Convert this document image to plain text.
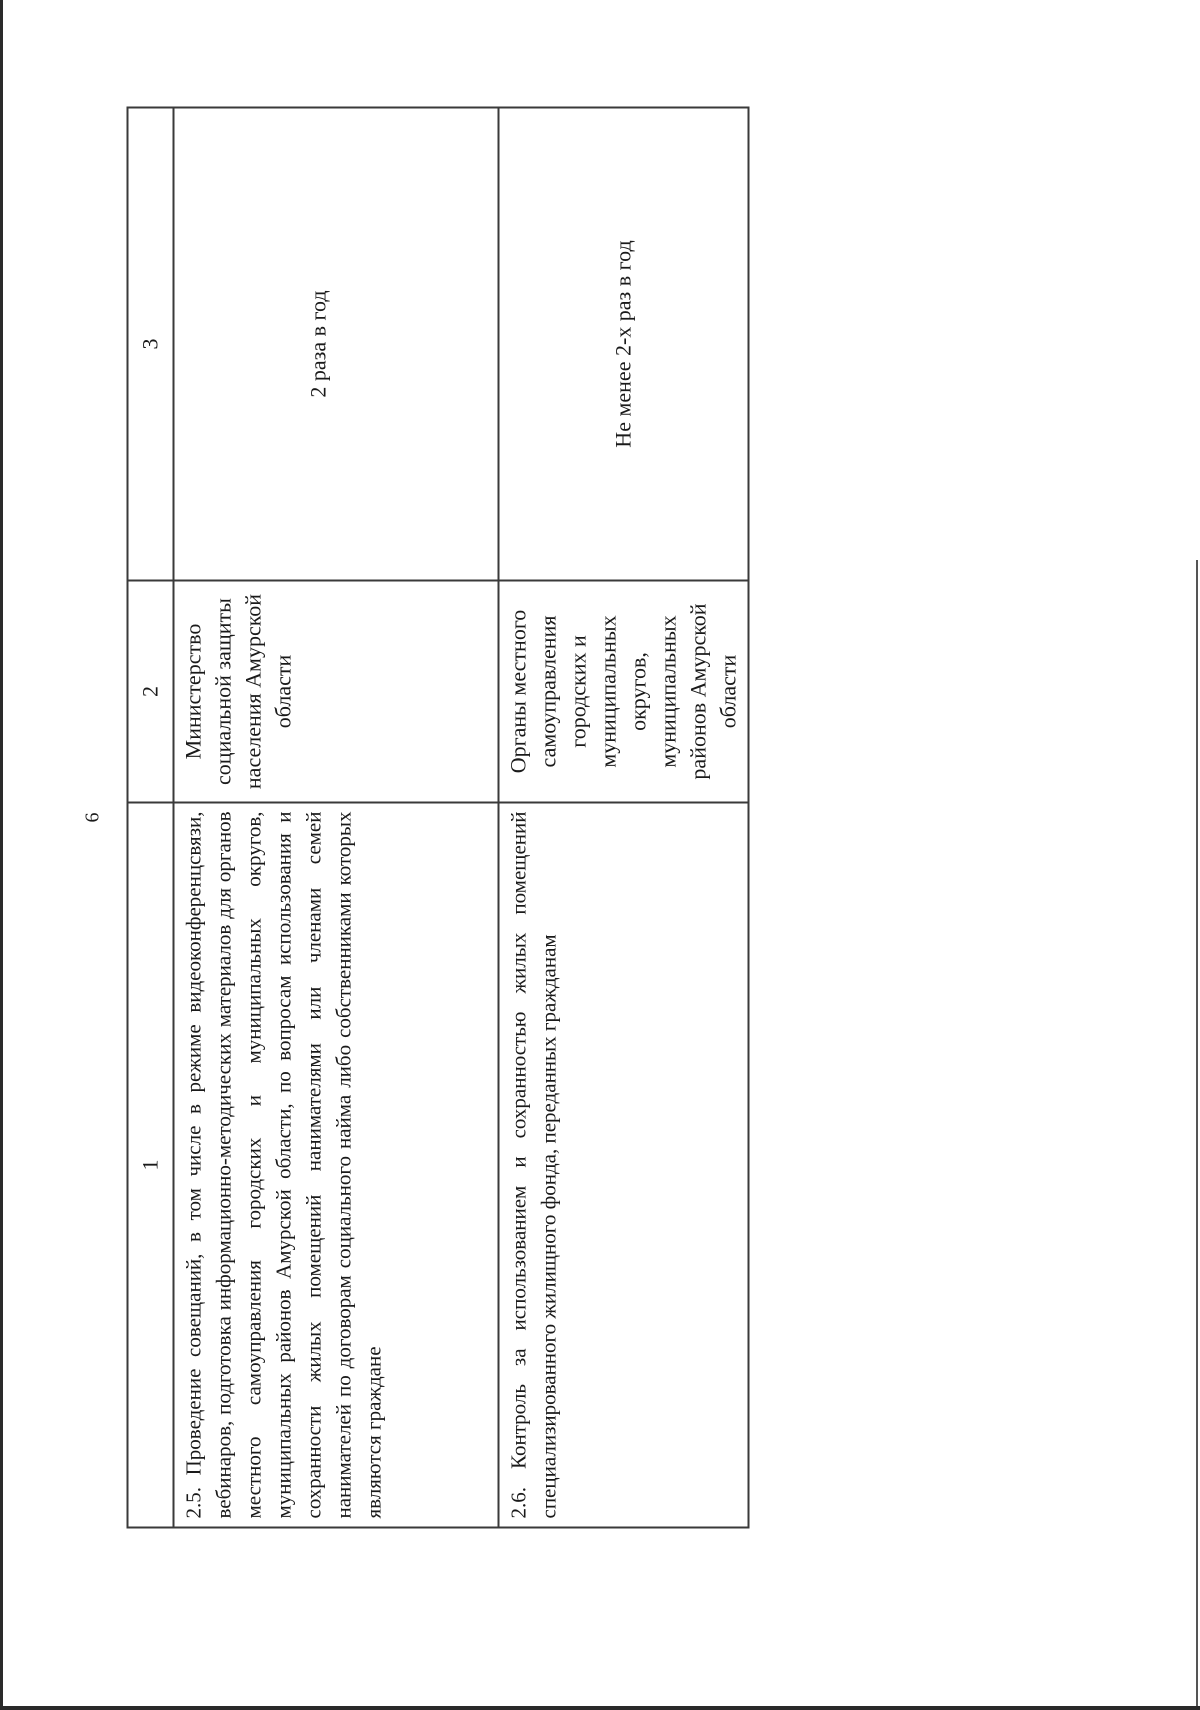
6
1	2	3
2.5. Проведение совещаний, в том числе в режиме видеоконференцсвязи, вебинаров, подготовка информационно-методических материалов для органов местного самоуправления городских и муниципальных округов, муниципальных районов Амурской области, по вопросам использования и сохранности жилых помещений нанимателями или членами семей нанимателей по договорам социального найма либо собственниками которых являются граждане	Министерство социальной защиты населения Амурской области	2 раза в год
2.6. Контроль за использованием и сохранностью жилых помещений специализированного жилищного фонда, переданных гражданам	Органы местного самоуправления городских и муниципальных округов, муниципальных районов Амурской области	Не менее 2-х раз в год
